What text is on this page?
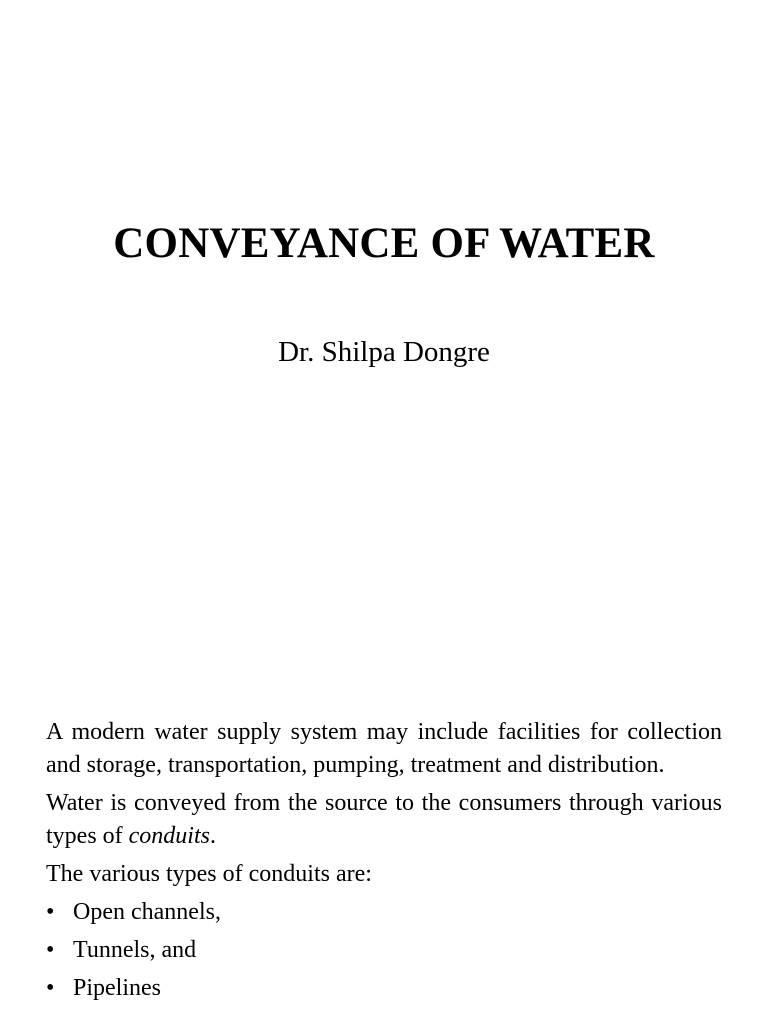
CONVEYANCE OF WATER
Dr. Shilpa Dongre

A modern water supply system may include facilities for collection and storage, transportation, pumping, treatment and distribution.

Water is conveyed from the source to the consumers through various types of conduits.

The various types of conduits are:

• Open channels,
• Tunnels, and
• Pipelines
